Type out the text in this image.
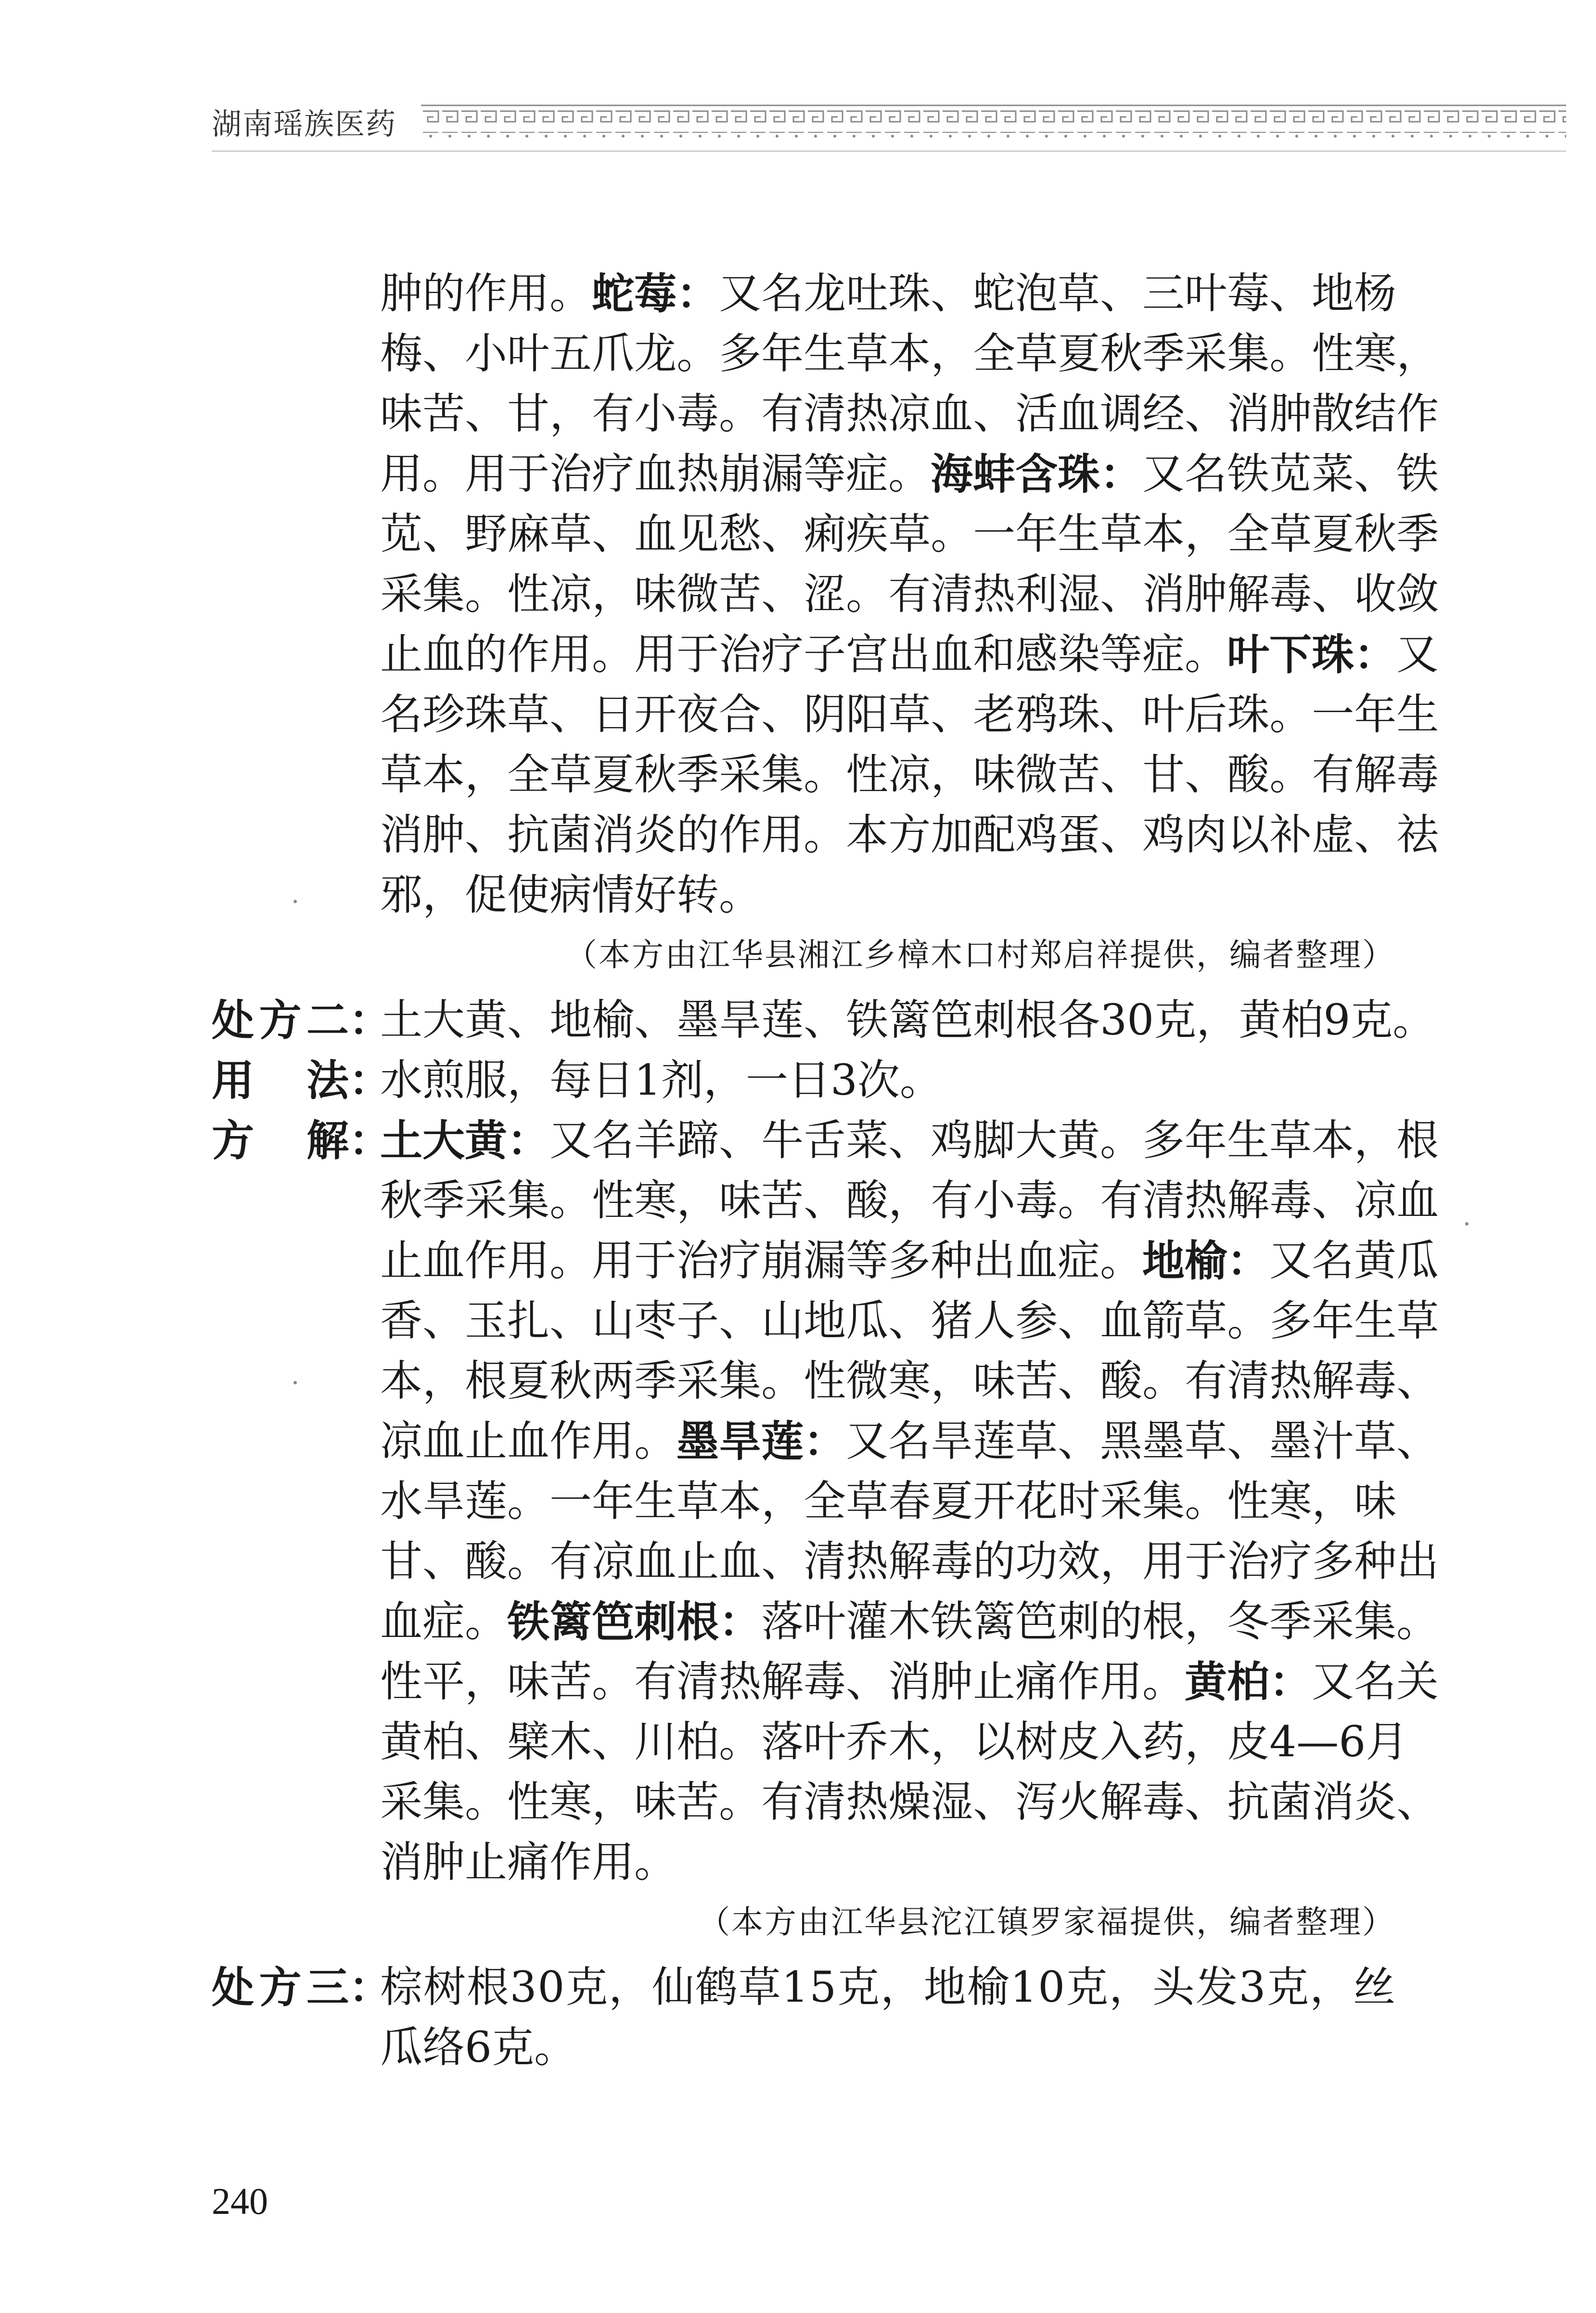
湖南瑶族医药
肿的作用。 蛇莓： 又名龙吐珠、蛇泡草、三叶莓、地杨
梅 、 小 叶 五 爪 龙 。 多 年 生 草 本 ， 全 草 夏 秋 季 采 集 。 性 寒 ，
味 苦 、 甘 ， 有 小 毒 。 有 清 热 凉 血 、 活 血 调 经 、 消 肿 散 结 作
用。用于治疗血热崩漏等症。 海蚌含珠： 又名铁苋菜、铁
苋 、 野 麻 草 、 血 见 愁 、 痢 疾 草 。 一 年 生 草 本 ， 全 草 夏 秋 季
采 集 。 性 凉 ， 味 微 苦 、 涩 。 有 清 热 利 湿 、 消 肿 解 毒 、 收 敛
止血的作用。用于治疗子宫出血和感染等症。 叶下珠： 又
名 珍 珠 草 、 日 开 夜 合 、 阴 阳 草 、 老 鸦 珠 、 叶 后 珠 。 一 年 生
草 本 ， 全 草 夏 秋 季 采 集 。 性 凉 ， 味 微 苦 、 甘 、 酸 。 有 解 毒
消 肿 、 抗 菌 消 炎 的 作 用 。 本 方 加 配 鸡 蛋 、 鸡 肉 以 补 虚 、 祛
邪，促使病情好转。
（本方由江华县湘江乡樟木口村郑启祥提供，编者整理）
处 方 二 ：
土 大 黄 、 地 榆 、 墨 旱 莲 、 铁 篱 笆 刺 根 各 3 0 克 ， 黄 柏 9 克 。
用 法 ：
水煎服，每日1剂，一日3次。
方 解 ：
土大黄： 又名羊蹄、牛舌菜、鸡脚大黄。多年生草本，根
秋 季 采 集 。 性 寒 ， 味 苦 、 酸 ， 有 小 毒 。 有 清 热 解 毒 、 凉 血
止血作用。用于治疗崩漏等多种出血症。 地榆： 又名黄瓜
香 、 玉 扎 、 山 枣 子 、 山 地 瓜 、 猪 人 参 、 血 箭 草 。 多 年 生 草
本 ， 根 夏 秋 两 季 采 集 。 性 微 寒 ， 味 苦 、 酸 。 有 清 热 解 毒 、
凉血止血作用。 墨旱莲： 又名旱莲草、黑墨草、墨汁草、
水 旱 莲 。 一 年 生 草 本 ， 全 草 春 夏 开 花 时 采 集 。 性 寒 ， 味
甘 、 酸 。 有 凉 血 止 血 、 清 热 解 毒 的 功 效 ， 用 于 治 疗 多 种 出
血症。 铁篱笆刺根： 落叶灌木铁篱笆刺的根，冬季采集。
性平，味苦。有清热解毒、消肿止痛作用。 黄柏： 又名关
黄 柏 、 檗 木 、 川 柏 。 落 叶 乔 木 ， 以 树 皮 入 药 ， 皮 4 — 6 月
采 集 。 性 寒 ， 味 苦 。 有 清 热 燥 湿 、 泻 火 解 毒 、 抗 菌 消 炎 、
消肿止痛作用。
（本方由江华县沱江镇罗家福提供，编者整理）
处 方 三 ：
棕 树 根 3 0 克 ， 仙 鹤 草 1 5 克 ， 地 榆 1 0 克 ， 头 发 3 克 ， 丝
瓜络6克。
240
